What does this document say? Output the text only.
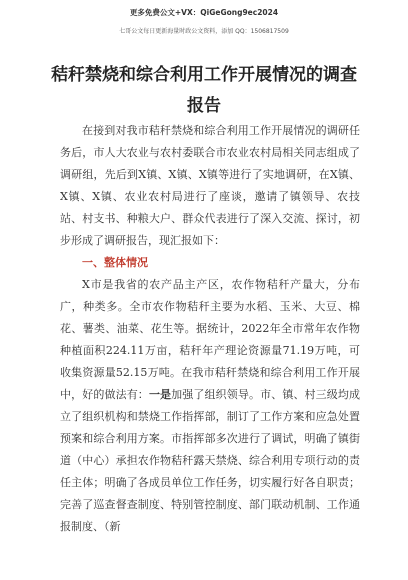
更多免费公文+VX：QiGeGong9ec2024
七哥公文每日更新海量时政公文资料，添加 QQ：1506817509
秸秆禁烧和综合利用工作开展情况的调查报告

在接到对我市秸秆禁烧和综合利用工作开展情况的调研任务后，市人大农业与农村委联合市农业农村局相关同志组成了调研组，先后到X镇、X镇、X镇等进行了实地调研，在X镇、X镇、X镇、农业农村局进行了座谈，邀请了镇领导、农技站、村支书、种粮大户、群众代表进行了深入交流、探讨，初步形成了调研报告，现汇报如下：

一、整体情况

X市是我省的农产品主产区，农作物秸秆产量大，分布广，种类多。全市农作物秸秆主要为水稻、玉米、大豆、棉花、薯类、油菜、花生等。据统计，2022年全市常年农作物种植面积224.11万亩，秸秆年产理论资源量71.19万吨，可收集资源量52.15万吨。在我市秸秆禁烧和综合利用工作开展中，好的做法有：一是加强了组织领导。市、镇、村三级均成立了组织机构和禁烧工作指挥部，制订了工作方案和应急处置预案和综合利用方案。市指挥部多次进行了调试，明确了镇街道（中心）承担农作物秸秆露天禁烧、综合利用专项行动的责任主体；明确了各成员单位工作任务，切实履行好各自职责；完善了巡查督查制度、特别管控制度、部门联动机制、工作通报制度、（新
